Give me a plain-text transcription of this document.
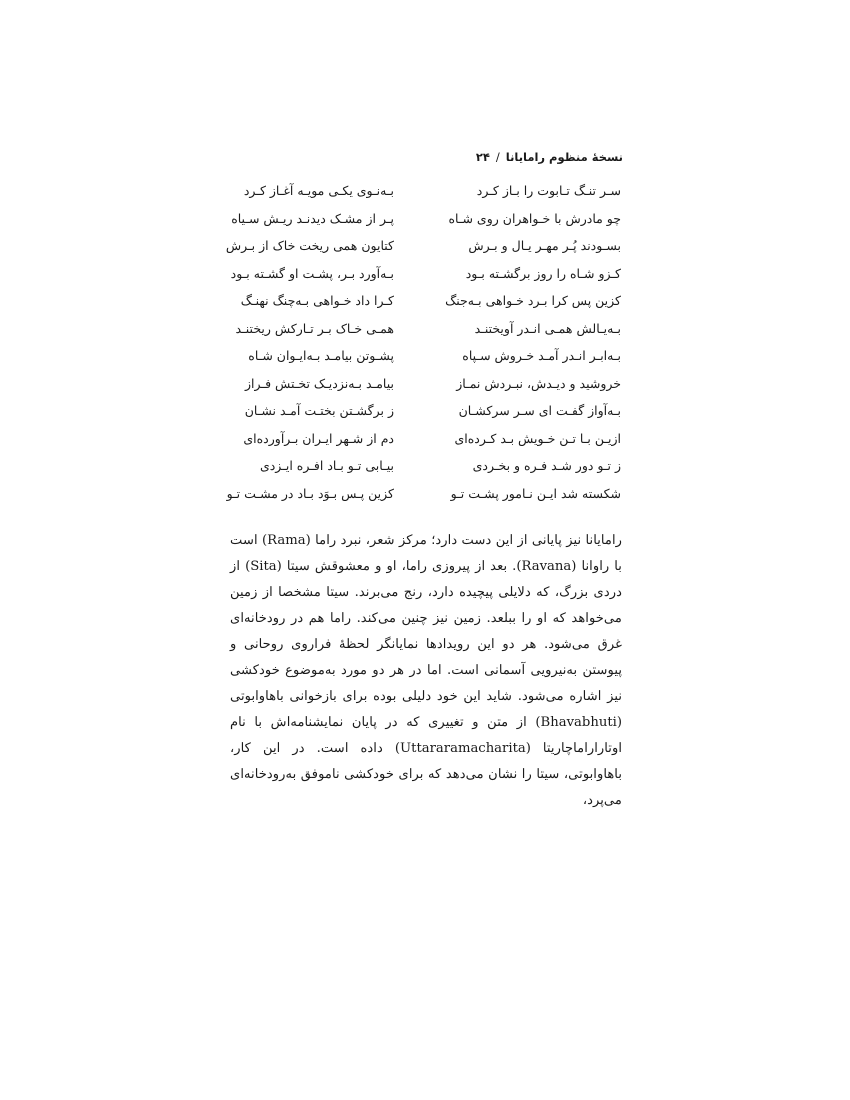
نسخهٔ منظوم رامایانا/۲۴
سـر تنـگ تـابوت را بـاز کـرد
بـه‌نـوی یکـی مویـه آغـاز کـرد
چو مادرش با خـواهران روی شـاه
پـر از مشـک دیدنـد ریـش سـیاه
بسـودند پُـر مهـر یـال و بـرش
کتایون همی ریخت خاک از بـرش
کـزو شـاه را روز برگشـته بـود
بـه‌آورد بـر، پشـت او گشـته بـود
کزین پس کرا بـرد خـواهی بـه‌جنگ
کـرا داد خـواهی بـه‌چنگ نهنـگ
بـه‌یـالش همـی انـدر آویختنـد
همـی خـاک بـر تـارکش ریختنـد
بـه‌ابـر انـدر آمـد خـروش سـپاه
پشـوتن بیامـد بـه‌ایـوان شـاه
خروشید و دیـدش، نبـردش نمـاز
بیامـد بـه‌نزدیـک تخـتش فـراز
بـه‌آواز گفـت ای سـر سرکشـان
ز برگشـتن بختـت آمـد نشـان
ازیـن بـا تـن خـویش بـد کـرده‌ای
دم از شـهر ایـران بـرآورده‌ای
ز تـو دور شـد فـره و بخـردی
بیـابی تـو بـاد افـره ایـزدی
شکسته شد ایـن نـامور پشـت تـو
کزین پـس بـوَد بـاد در مشـت تـو

رامایانا نیز پایانی از این دست دارد؛ مرکز شعر، نبرد راما (Rama) است با راوانا (Ravana). بعد از پیروزی راما، او و معشوقش سیتا (Sita) از دردی بزرگ، که دلایلی پیچیده دارد، رنج می‌برند. سیتا مشخصا از زمین می‌خواهد که او را ببلعد. زمین نیز چنین می‌کند. راما هم در رودخانه‌ای غرق می‌شود. هر دو این رویدادها نمایانگر لحظهٔ فراروی روحانی و پیوستن به‌نیرویی آسمانی است. اما در هر دو مورد به‌موضوع خودکشی نیز اشاره می‌شود. شاید این خود دلیلی بوده برای بازخوانی باهاوابوتی (Bhavabhuti) از متن و تغییری که در پایان نمایشنامه‌اش با نام اوتاراراماچاریتا (Uttararamacharita) داده است. در این کار، باهاوابوتی، سیتا را نشان می‌دهد که برای خودکشی ناموفق به‌رودخانه‌ای می‌پرد،
